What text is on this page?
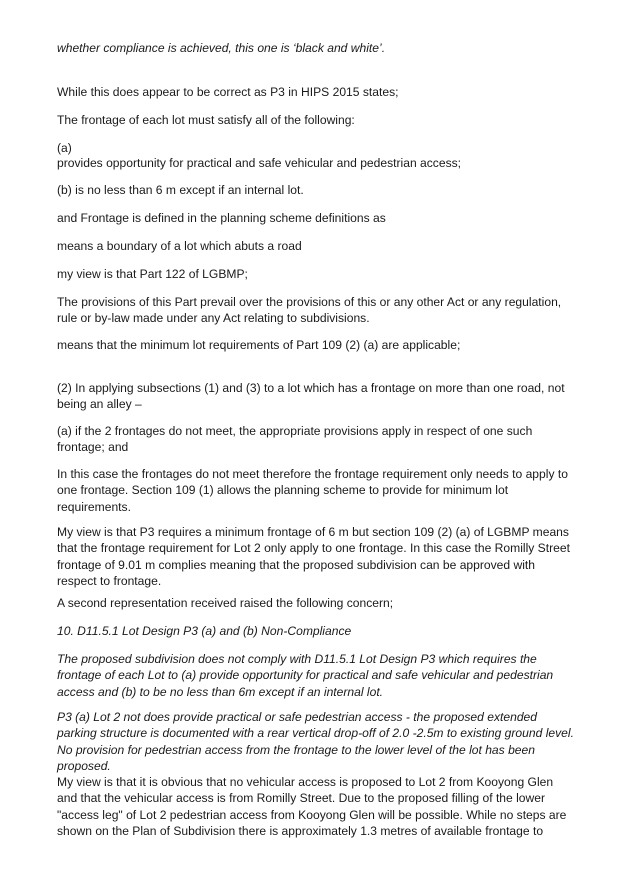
whether compliance is achieved, this one is ‘black and white’.

While this does appear to be correct as P3 in HIPS 2015 states;

The frontage of each lot must satisfy all of the following:

(a)

provides opportunity for practical and safe vehicular and pedestrian access;

(b) is no less than 6 m except if an internal lot.

and Frontage is defined in the planning scheme definitions as

means a boundary of a lot which abuts a road

my view is that Part 122 of LGBMP;

The provisions of this Part prevail over the provisions of this or any other Act or any regulation, rule or by-law made under any Act relating to subdivisions.

means that the minimum lot requirements of Part 109 (2) (a) are applicable;

(2) In applying subsections (1) and (3) to a lot which has a frontage on more than one road, not being an alley –

(a) if the 2 frontages do not meet, the appropriate provisions apply in respect of one such frontage; and

In this case the frontages do not meet therefore the frontage requirement only needs to apply to one frontage. Section 109 (1) allows the planning scheme to provide for minimum lot requirements.

My view is that P3 requires a minimum frontage of 6 m but section 109 (2) (a) of LGBMP means that the frontage requirement for Lot 2 only apply to one frontage. In this case the Romilly Street frontage of 9.01 m complies meaning that the proposed subdivision can be approved with respect to frontage.

A second representation received raised the following concern;

10. D11.5.1 Lot Design P3 (a) and (b) Non-Compliance

The proposed subdivision does not comply with D11.5.1 Lot Design P3 which requires the frontage of each Lot to (a) provide opportunity for practical and safe vehicular and pedestrian access and (b) to be no less than 6m except if an internal lot.

P3 (a) Lot 2 not does provide practical or safe pedestrian access - the proposed extended parking structure is documented with a rear vertical drop-off of 2.0 -2.5m to existing ground level. No provision for pedestrian access from the frontage to the lower level of the lot has been proposed.

My view is that it is obvious that no vehicular access is proposed to Lot 2 from Kooyong Glen and that the vehicular access is from Romilly Street. Due to the proposed filling of the lower "access leg" of Lot 2 pedestrian access from Kooyong Glen will be possible. While no steps are shown on the Plan of Subdivision there is approximately 1.3 metres of available frontage to
